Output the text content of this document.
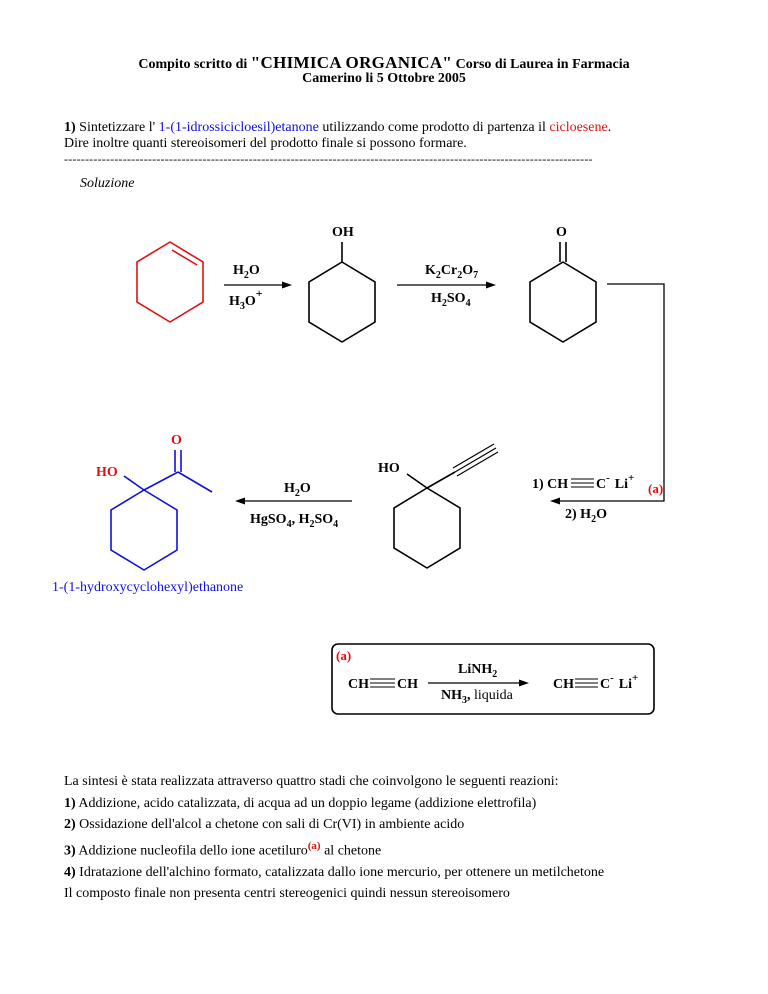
Compito scritto di "CHIMICA ORGANICA" Corso di Laurea in Farmacia
Camerino li 5 Ottobre 2005
1) Sintetizzare l' 1-(1-idrossicicloesil)etanone utilizzando come prodotto di partenza il cicloesene.
Dire inoltre quanti stereoisomeri del prodotto finale si possono formare.
------------------------------------------------------------------------------------------------------------------------------
Soluzione
$H_2O$
$H_3O+$
OH
$K_2Cr_2O_7$
$H_2SO_4$
O
1) CH C- Li+
(a)
2) $H_2O$
HO
$H_2O$
HgSO$_4$, $H_2SO_4$
O
HO
(a)
CH CH
LiNH$_2$
$NH_3$, liquida
CH C- Li+
1-(1-hydroxycyclohexyl)ethanone
La sintesi è stata realizzata attraverso quattro stadi che coinvolgono le seguenti reazioni:
1) Addizione, acido catalizzata, di acqua ad un doppio legame (addizione elettrofila)
2) Ossidazione dell'alcol a chetone con sali di Cr(VI) in ambiente acido
3) Addizione nucleofila dello ione acetiluro$^{(a)}$ al chetone
4) Idratazione dell'alchino formato, catalizzata dallo ione mercurio, per ottenere un metilchetone
Il composto finale non presenta centri stereogenici quindi nessun stereoisomero
